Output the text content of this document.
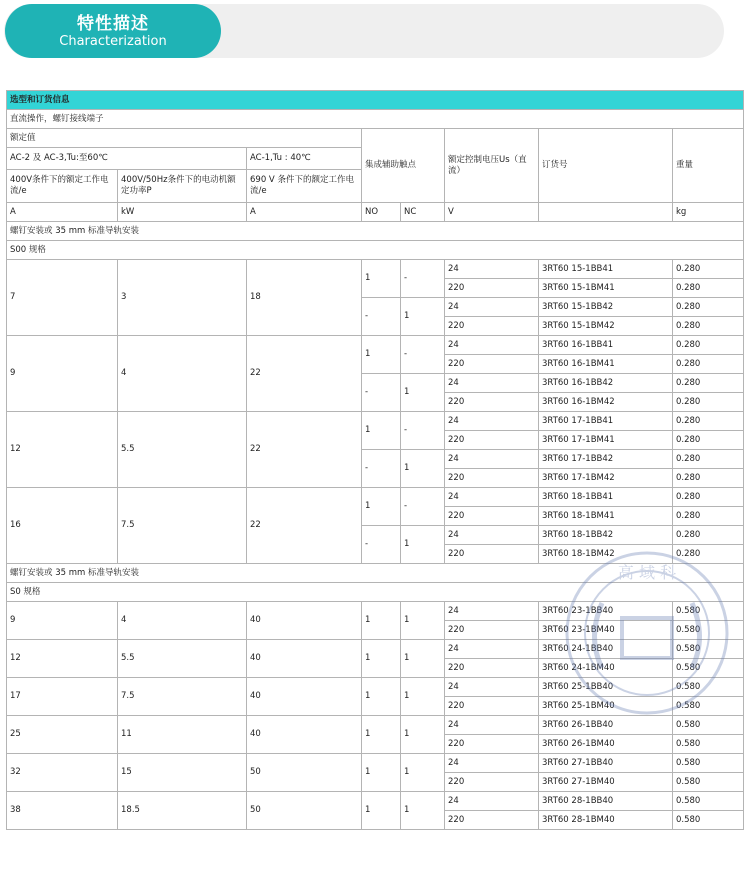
特性描述
Characterization
选型和订货信息							
直流操作，螺钉接线端子							
额定值			集成辅助触点		额定控制电压Us（直流）	订货号	重量
AC-2 及 AC-3,Tu:至60℃		AC-1,Tu : 40℃					
400V条件下的额定工作电流/e	400V/50Hz条件下的电动机额定功率P	690 V 条件下的额定工作电流/e					
A	kW	A	NO	NC	V		kg
螺钉安装或 35 mm 标准导轨安装							
S00 规格							
7	3	18	1	-	24	3RT60 15-1BB41	0.280
					220	3RT60 15-1BM41	0.280
			-	1	24	3RT60 15-1BB42	0.280
					220	3RT60 15-1BM42	0.280
9	4	22	1	-	24	3RT60 16-1BB41	0.280
					220	3RT60 16-1BM41	0.280
			-	1	24	3RT60 16-1BB42	0.280
					220	3RT60 16-1BM42	0.280
12	5.5	22	1	-	24	3RT60 17-1BB41	0.280
					220	3RT60 17-1BM41	0.280
			-	1	24	3RT60 17-1BB42	0.280
					220	3RT60 17-1BM42	0.280
16	7.5	22	1	-	24	3RT60 18-1BB41	0.280
					220	3RT60 18-1BM41	0.280
			-	1	24	3RT60 18-1BB42	0.280
					220	3RT60 18-1BM42	0.280
螺钉安装或 35 mm 标准导轨安装							
S0 规格							
9	4	40	1	1	24	3RT60 23-1BB40	0.580
					220	3RT60 23-1BM40	0.580
12	5.5	40	1	1	24	3RT60 24-1BB40	0.580
					220	3RT60 24-1BM40	0.580
17	7.5	40	1	1	24	3RT60 25-1BB40	0.580
					220	3RT60 25-1BM40	0.580
25	11	40	1	1	24	3RT60 26-1BB40	0.580
					220	3RT60 26-1BM40	0.580
32	15	50	1	1	24	3RT60 27-1BB40	0.580
					220	3RT60 27-1BM40	0.580
38	18.5	50	1	1	24	3RT60 28-1BB40	0.580
					220	3RT60 28-1BM40	0.580
高 域 科
